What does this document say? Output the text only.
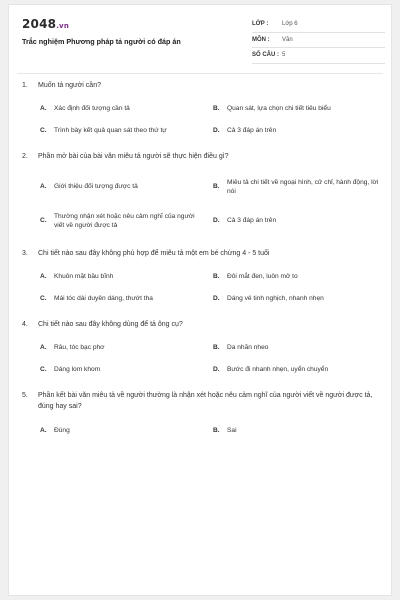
2048.vn
Trắc nghiệm Phương pháp tả người có đáp án
LỚP :	Lớp 6
MÔN :	Văn
SỐ CÂU : 5
1.	Muốn tả người cần?
A.	Xác định đối tượng cần tả	B.	Quan sát, lựa chọn chi tiết tiêu biểu
C.	Trình bày kết quả quan sát theo thứ tự	D.	Cả 3 đáp án trên
2.	Phần mở bài của bài văn miêu tả người sẽ thực hiện điều gì?
A.	Giới thiệu đối tượng được tả	B.
Miêu tả chi tiết về ngoại hình, cử chỉ, hành động, lời nói
C.
Thường nhận xét hoặc nêu cảm nghĩ của người viết về người được tả
D.	Cả 3 đáp án trên
3.	Chi tiết nào sau đây không phù hợp để miêu tả một em bé chừng 4 - 5 tuổi
A.	Khuôn mặt bầu bĩnh	B.	Đôi mắt đen, luôn mở to
C.	Mái tóc dài duyên dáng, thướt tha	D.	Dáng vẻ tinh nghịch, nhanh nhẹn
4.	Chi tiết nào sau đây không dùng để tả ông cụ?
A.	Râu, tóc bạc phơ	B.	Da nhăn nheo
C.	Dáng lom khom	D.	Bước đi nhanh nhẹn, uyển chuyển
5.	Phần kết bài văn miêu tả về người thường là nhận xét hoặc nêu cảm nghĩ của người viết về người được tả, đúng hay sai?
A.	Đúng	B.	Sai
